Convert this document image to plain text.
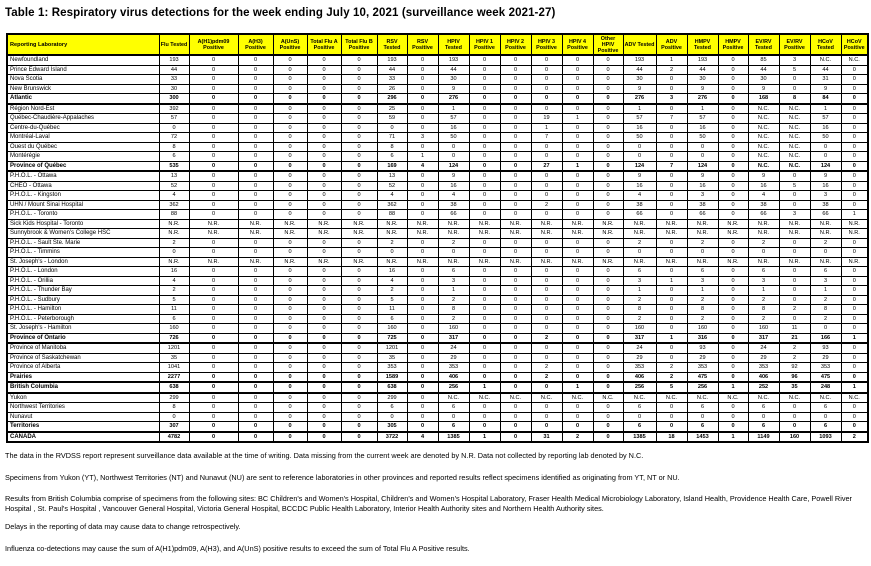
Table 1: Respiratory virus detections for the week ending July 10, 2021 (surveillance week 2021-27)
Reporting Laboratory	Flu Tested	A(H1)pdm09 Positive	A(H3) Positive	A(UnS) Positive	Total Flu A Positive	Total Flu B Positive	RSV Tested	RSV Positive	HPIV Tested	HPIV 1 Positive	HPIV 2 Positive	HPIV 3 Positive	HPIV 4 Positive	Other HPIV Positive	ADV Tested	ADV Positive	HMPV Tested	HMPV Positive	EV/RV Tested	EV/RV Positive	HCoV Tested	HCoV Positive
Newfoundland	193	0	0	0	0	0	193	0	193	0	0	0	0	0	193	1	193	0	85	3	N.C.	N.C.
Prince Edward Island	44	0	0	0	0	0	44	0	44	0	0	0	0	0	44	2	44	0	44	5	44	0
Nova Scotia	33	0	0	0	0	0	33	0	30	0	0	0	0	0	30	0	30	0	30	0	31	0
New Brunswick	30	0	0	0	0	0	26	0	9	0	0	0	0	0	9	0	9	0	9	0	9	0
Atlantic	300	0	0	0	0	0	296	0	276	0	0	0	0	0	276	3	276	0	168	8	84	0
Région Nord-Est	392	0	0	0	0	0	25	0	1	0	0	0	0	0	1	0	1	0	N.C.	N.C.	1	0
Québec-Chaudière-Appalaches	57	0	0	0	0	0	59	0	57	0	0	19	1	0	57	7	57	0	N.C.	N.C.	57	0
Centre-du-Québec	0	0	0	0	0	0	0	0	16	0	0	1	0	0	16	0	16	0	N.C.	N.C.	16	0
Montréal-Laval	72	0	0	0	0	0	71	3	50	0	0	7	0	0	50	0	50	0	N.C.	N.C.	50	0
Ouest du Québec	8	0	0	0	0	0	8	0	0	0	0	0	0	0	0	0	0	0	N.C.	N.C.	0	0
Montérégie	6	0	0	0	0	0	6	1	0	0	0	0	0	0	0	0	0	0	N.C.	N.C.	0	0
Province of Québec	535	0	0	0	0	0	169	4	124	0	0	27	1	0	124	7	124	0	N.C.	N.C.	124	0
P.H.O.L. - Ottawa	13	0	0	0	0	0	13	0	9	0	0	0	0	0	9	0	9	0	9	0	9	0
CHEO - Ottawa	52	0	0	0	0	0	52	0	16	0	0	0	0	0	16	0	16	0	16	5	16	0
P.H.O.L. - Kingston	4	0	0	0	0	0	4	0	4	0	0	0	0	0	4	0	3	0	4	0	3	0
UHN / Mount Sinai Hospital	362	0	0	0	0	0	362	0	38	0	0	2	0	0	38	0	38	0	38	0	38	0
P.H.O.L. - Toronto	88	0	0	0	0	0	88	0	66	0	0	0	0	0	66	0	66	0	66	3	66	1
Sick Kids Hospital - Toronto	N.R.	N.R.	N.R.	N.R.	N.R.	N.R.	N.R.	N.R.	N.R.	N.R.	N.R.	N.R.	N.R.	N.R.	N.R.	N.R.	N.R.	N.R.	N.R.	N.R.	N.R.	N.R.
Sunnybrook & Women's College HSC	N.R.	N.R.	N.R.	N.R.	N.R.	N.R.	N.R.	N.R.	N.R.	N.R.	N.R.	N.R.	N.R.	N.R.	N.R.	N.R.	N.R.	N.R.	N.R.	N.R.	N.R.	N.R.
P.H.O.L. - Sault Ste. Marie	2	0	0	0	0	0	2	0	2	0	0	0	0	0	2	0	2	0	2	0	2	0
P.H.O.L. - Timmins	0	0	0	0	0	0	0	0	0	0	0	0	0	0	0	0	0	0	0	0	0	0
St. Joseph's - London	N.R.	N.R.	N.R.	N.R.	N.R.	N.R.	N.R.	N.R.	N.R.	N.R.	N.R.	N.R.	N.R.	N.R.	N.R.	N.R.	N.R.	N.R.	N.R.	N.R.	N.R.	N.R.
P.H.O.L. - London	16	0	0	0	0	0	16	0	6	0	0	0	0	0	6	0	6	0	6	0	6	0
P.H.O.L. - Orillia	4	0	0	0	0	0	4	0	3	0	0	0	0	0	3	1	3	0	3	0	3	0
P.H.O.L. - Thunder Bay	2	0	0	0	0	0	2	0	1	0	0	0	0	0	1	0	1	0	1	0	1	0
P.H.O.L. - Sudbury	5	0	0	0	0	0	5	0	2	0	0	0	0	0	2	0	2	0	2	0	2	0
P.H.O.L. - Hamilton	11	0	0	0	0	0	11	0	8	0	0	0	0	0	8	0	8	0	8	2	8	0
P.H.O.L. - Peterborough	6	0	0	0	0	0	6	0	2	0	0	0	0	0	2	0	2	0	2	0	2	0
St. Joseph's - Hamilton	160	0	0	0	0	0	160	0	160	0	0	0	0	0	160	0	160	0	160	11	0	0
Province of Ontario	726	0	0	0	0	0	725	0	317	0	0	2	0	0	317	1	316	0	317	21	166	1
Province of Manitoba	1201	0	0	0	0	0	1201	0	24	0	0	0	0	0	24	0	93	0	24	2	93	0
Province of Saskatchewan	35	0	0	0	0	0	35	0	29	0	0	0	0	0	29	0	29	0	29	2	29	0
Province of Alberta	1041	0	0	0	0	0	353	0	353	0	0	2	0	0	353	2	353	0	353	92	353	0
Prairies	2277	0	0	0	0	0	1589	0	406	0	0	2	0	0	406	2	475	0	406	96	475	0
British Columbia	638	0	0	0	0	0	638	0	256	1	0	0	1	0	256	5	256	1	252	35	248	1
Yukon	299	0	0	0	0	0	299	0	N.C.	N.C.	N.C.	N.C.	N.C.	N.C.	N.C.	N.C.	N.C.	N.C.	N.C.	N.C.	N.C.	N.C.
Northwest Territories	8	0	0	0	0	0	6	0	6	0	0	0	0	0	6	0	6	0	6	0	6	0
Nunavut	0	0	0	0	0	0	0	0	0	0	0	0	0	0	0	0	0	0	0	0	0	0
Territories	307	0	0	0	0	0	305	0	6	0	0	0	0	0	6	0	6	0	6	0	6	0
CANADA	4782	0	0	0	0	0	3722	4	1385	1	0	31	2	0	1385	18	1453	1	1149	160	1093	2

The data in the RVDSS report represent surveillance data available at the time of writing. Data missing from the current week are denoted by N.R. Data not collected by reporting lab denoted by N.C.

Specimens from Yukon (YT), Northwest Territories (NT) and Nunavut (NU) are sent to reference laboratories in other provinces and reported results reflect specimens identified as originating from YT, NT or NU.

Results from British Columbia comprise of specimens from the following sites: BC Children's and Women's Hospital, Children's and Women's Hospital Laboratory, Fraser Health Medical Microbiology Laboratory, Island Health, Providence Health Care, Powell River Hospital , St. Paul's Hospital , Vancouver General Hospital, Victoria General Hospital, BCCDC Public Health Laboratory, Interior Health Authority sites and Northern Health Authority sites.

Delays in the reporting of data may cause data to change retrospectively.

Influenza co-detections may cause the sum of A(H1)pdm09, A(H3), and A(UnS) positive results to exceed the sum of Total Flu A Positive results.
